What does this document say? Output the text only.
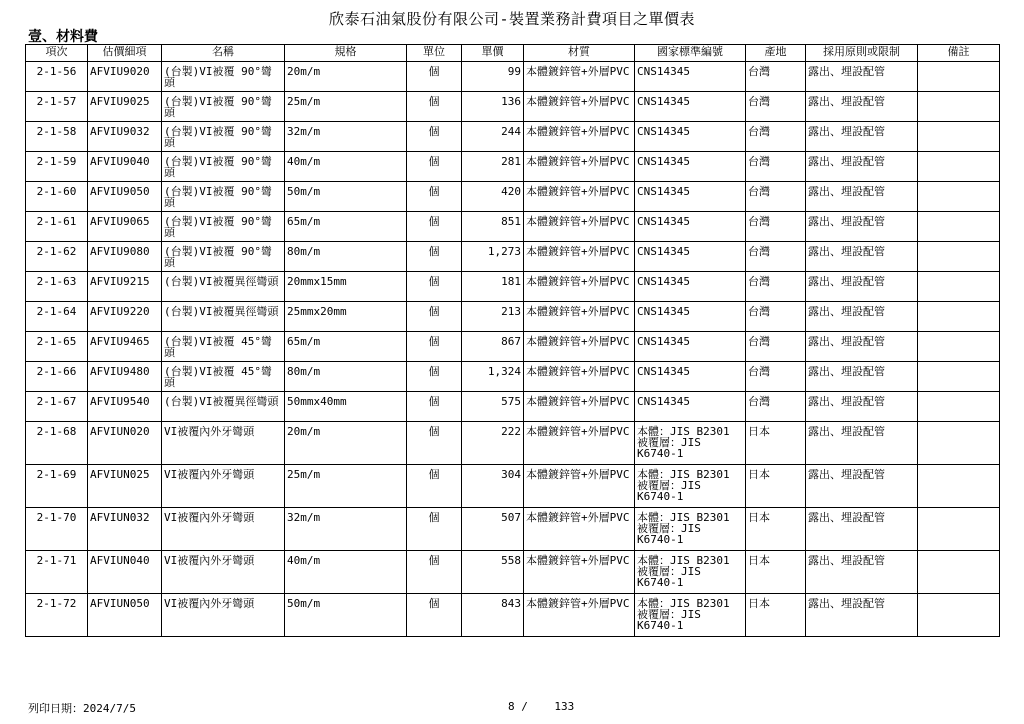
欣泰石油氣股份有限公司-裝置業務計費項目之單價表
壹、材料費
項次	估價細項	名稱	規格	單位	單價	材質	國家標準編號	產地	採用原則或限制	備註
2-1-56	AFVIU9020	(台製)VI被覆 90°彎頭	20m/m	個	99	本體鍍鋅管+外層PVC	CNS14345	台灣	露出、埋設配管	
2-1-57	AFVIU9025	(台製)VI被覆 90°彎頭	25m/m	個	136	本體鍍鋅管+外層PVC	CNS14345	台灣	露出、埋設配管	
2-1-58	AFVIU9032	(台製)VI被覆 90°彎頭	32m/m	個	244	本體鍍鋅管+外層PVC	CNS14345	台灣	露出、埋設配管	
2-1-59	AFVIU9040	(台製)VI被覆 90°彎頭	40m/m	個	281	本體鍍鋅管+外層PVC	CNS14345	台灣	露出、埋設配管	
2-1-60	AFVIU9050	(台製)VI被覆 90°彎頭	50m/m	個	420	本體鍍鋅管+外層PVC	CNS14345	台灣	露出、埋設配管	
2-1-61	AFVIU9065	(台製)VI被覆 90°彎頭	65m/m	個	851	本體鍍鋅管+外層PVC	CNS14345	台灣	露出、埋設配管	
2-1-62	AFVIU9080	(台製)VI被覆 90°彎頭	80m/m	個	1,273	本體鍍鋅管+外層PVC	CNS14345	台灣	露出、埋設配管	
2-1-63	AFVIU9215	(台製)VI被覆異徑彎頭	20mmx15mm	個	181	本體鍍鋅管+外層PVC	CNS14345	台灣	露出、埋設配管	
2-1-64	AFVIU9220	(台製)VI被覆異徑彎頭	25mmx20mm	個	213	本體鍍鋅管+外層PVC	CNS14345	台灣	露出、埋設配管	
2-1-65	AFVIU9465	(台製)VI被覆 45°彎頭	65m/m	個	867	本體鍍鋅管+外層PVC	CNS14345	台灣	露出、埋設配管	
2-1-66	AFVIU9480	(台製)VI被覆 45°彎頭	80m/m	個	1,324	本體鍍鋅管+外層PVC	CNS14345	台灣	露出、埋設配管	
2-1-67	AFVIU9540	(台製)VI被覆異徑彎頭	50mmx40mm	個	575	本體鍍鋅管+外層PVC	CNS14345	台灣	露出、埋設配管	
2-1-68	AFVIUN020	VI被覆內外牙彎頭	20m/m	個	222	本體鍍鋅管+外層PVC	本體：JIS B2301
被覆層：JIS
K6740-1	日本	露出、埋設配管	
2-1-69	AFVIUN025	VI被覆內外牙彎頭	25m/m	個	304	本體鍍鋅管+外層PVC	本體：JIS B2301
被覆層：JIS
K6740-1	日本	露出、埋設配管	
2-1-70	AFVIUN032	VI被覆內外牙彎頭	32m/m	個	507	本體鍍鋅管+外層PVC	本體：JIS B2301
被覆層：JIS
K6740-1	日本	露出、埋設配管	
2-1-71	AFVIUN040	VI被覆內外牙彎頭	40m/m	個	558	本體鍍鋅管+外層PVC	本體：JIS B2301
被覆層：JIS
K6740-1	日本	露出、埋設配管	
2-1-72	AFVIUN050	VI被覆內外牙彎頭	50m/m	個	843	本體鍍鋅管+外層PVC	本體：JIS B2301
被覆層：JIS
K6740-1	日本	露出、埋設配管	
列印日期：2024/7/5	8 / 133
